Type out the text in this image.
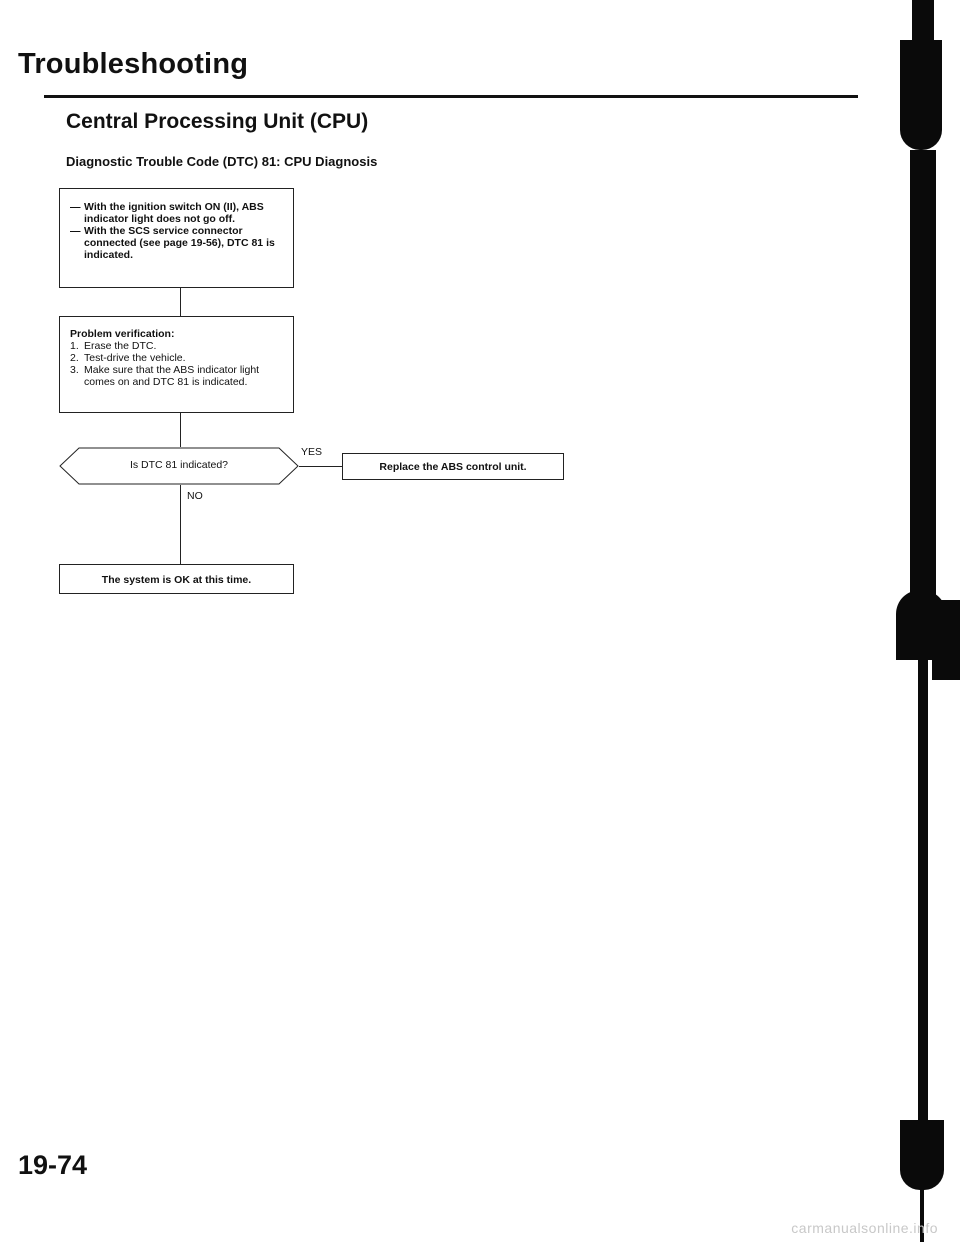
Troubleshooting
Central Processing Unit (CPU)
Diagnostic Trouble Code (DTC) 81: CPU Diagnosis
— With the ignition switch ON (II), ABS indicator light does not go off.
— With the SCS service connector connected (see page 19-56), DTC 81 is indicated.
Problem verification:
1. Erase the DTC.
2. Test-drive the vehicle.
3. Make sure that the ABS indicator light comes on and DTC 81 is indicated.
Is DTC 81 indicated?
YES
Replace the ABS control unit.
NO
The system is OK at this time.
19-74
carmanualsonline.info
